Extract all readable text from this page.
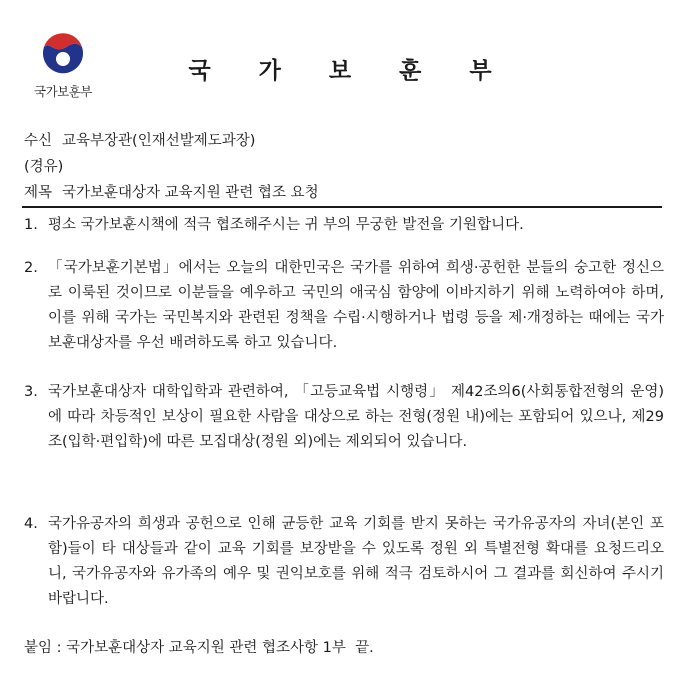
국가보훈부
국 가 보 훈 부
수신 교육부장관(인재선발제도과장)
(경유)
제목 국가보훈대상자 교육지원 관련 협조 요청
1. 평소 국가보훈시책에 적극 협조해주시는 귀 부의 무궁한 발전을 기원합니다.
2. 「국가보훈기본법」에서는 오늘의 대한민국은 국가를 위하여 희생·공헌한 분들의 숭고한 정신으로 이룩된 것이므로 이분들을 예우하고 국민의 애국심 함양에 이바지하기 위해 노력하여야 하며, 이를 위해 국가는 국민복지와 관련된 정책을 수립·시행하거나 법령 등을 제·개정하는 때에는 국가보훈대상자를 우선 배려하도록 하고 있습니다.
3. 국가보훈대상자 대학입학과 관련하여, 「고등교육법 시행령」 제42조의6(사회통합전형의 운영)에 따라 차등적인 보상이 필요한 사람을 대상으로 하는 전형(정원 내)에는 포함되어 있으나, 제29조(입학·편입학)에 따른 모집대상(정원 외)에는 제외되어 있습니다.
4. 국가유공자의 희생과 공헌으로 인해 균등한 교육 기회를 받지 못하는 국가유공자의 자녀(본인 포함)들이 타 대상들과 같이 교육 기회를 보장받을 수 있도록 정원 외 특별전형 확대를 요청드리오니, 국가유공자와 유가족의 예우 및 권익보호를 위해 적극 검토하시어 그 결과를 회신하여 주시기 바랍니다.
붙임 : 국가보훈대상자 교육지원 관련 협조사항 1부  끝.
